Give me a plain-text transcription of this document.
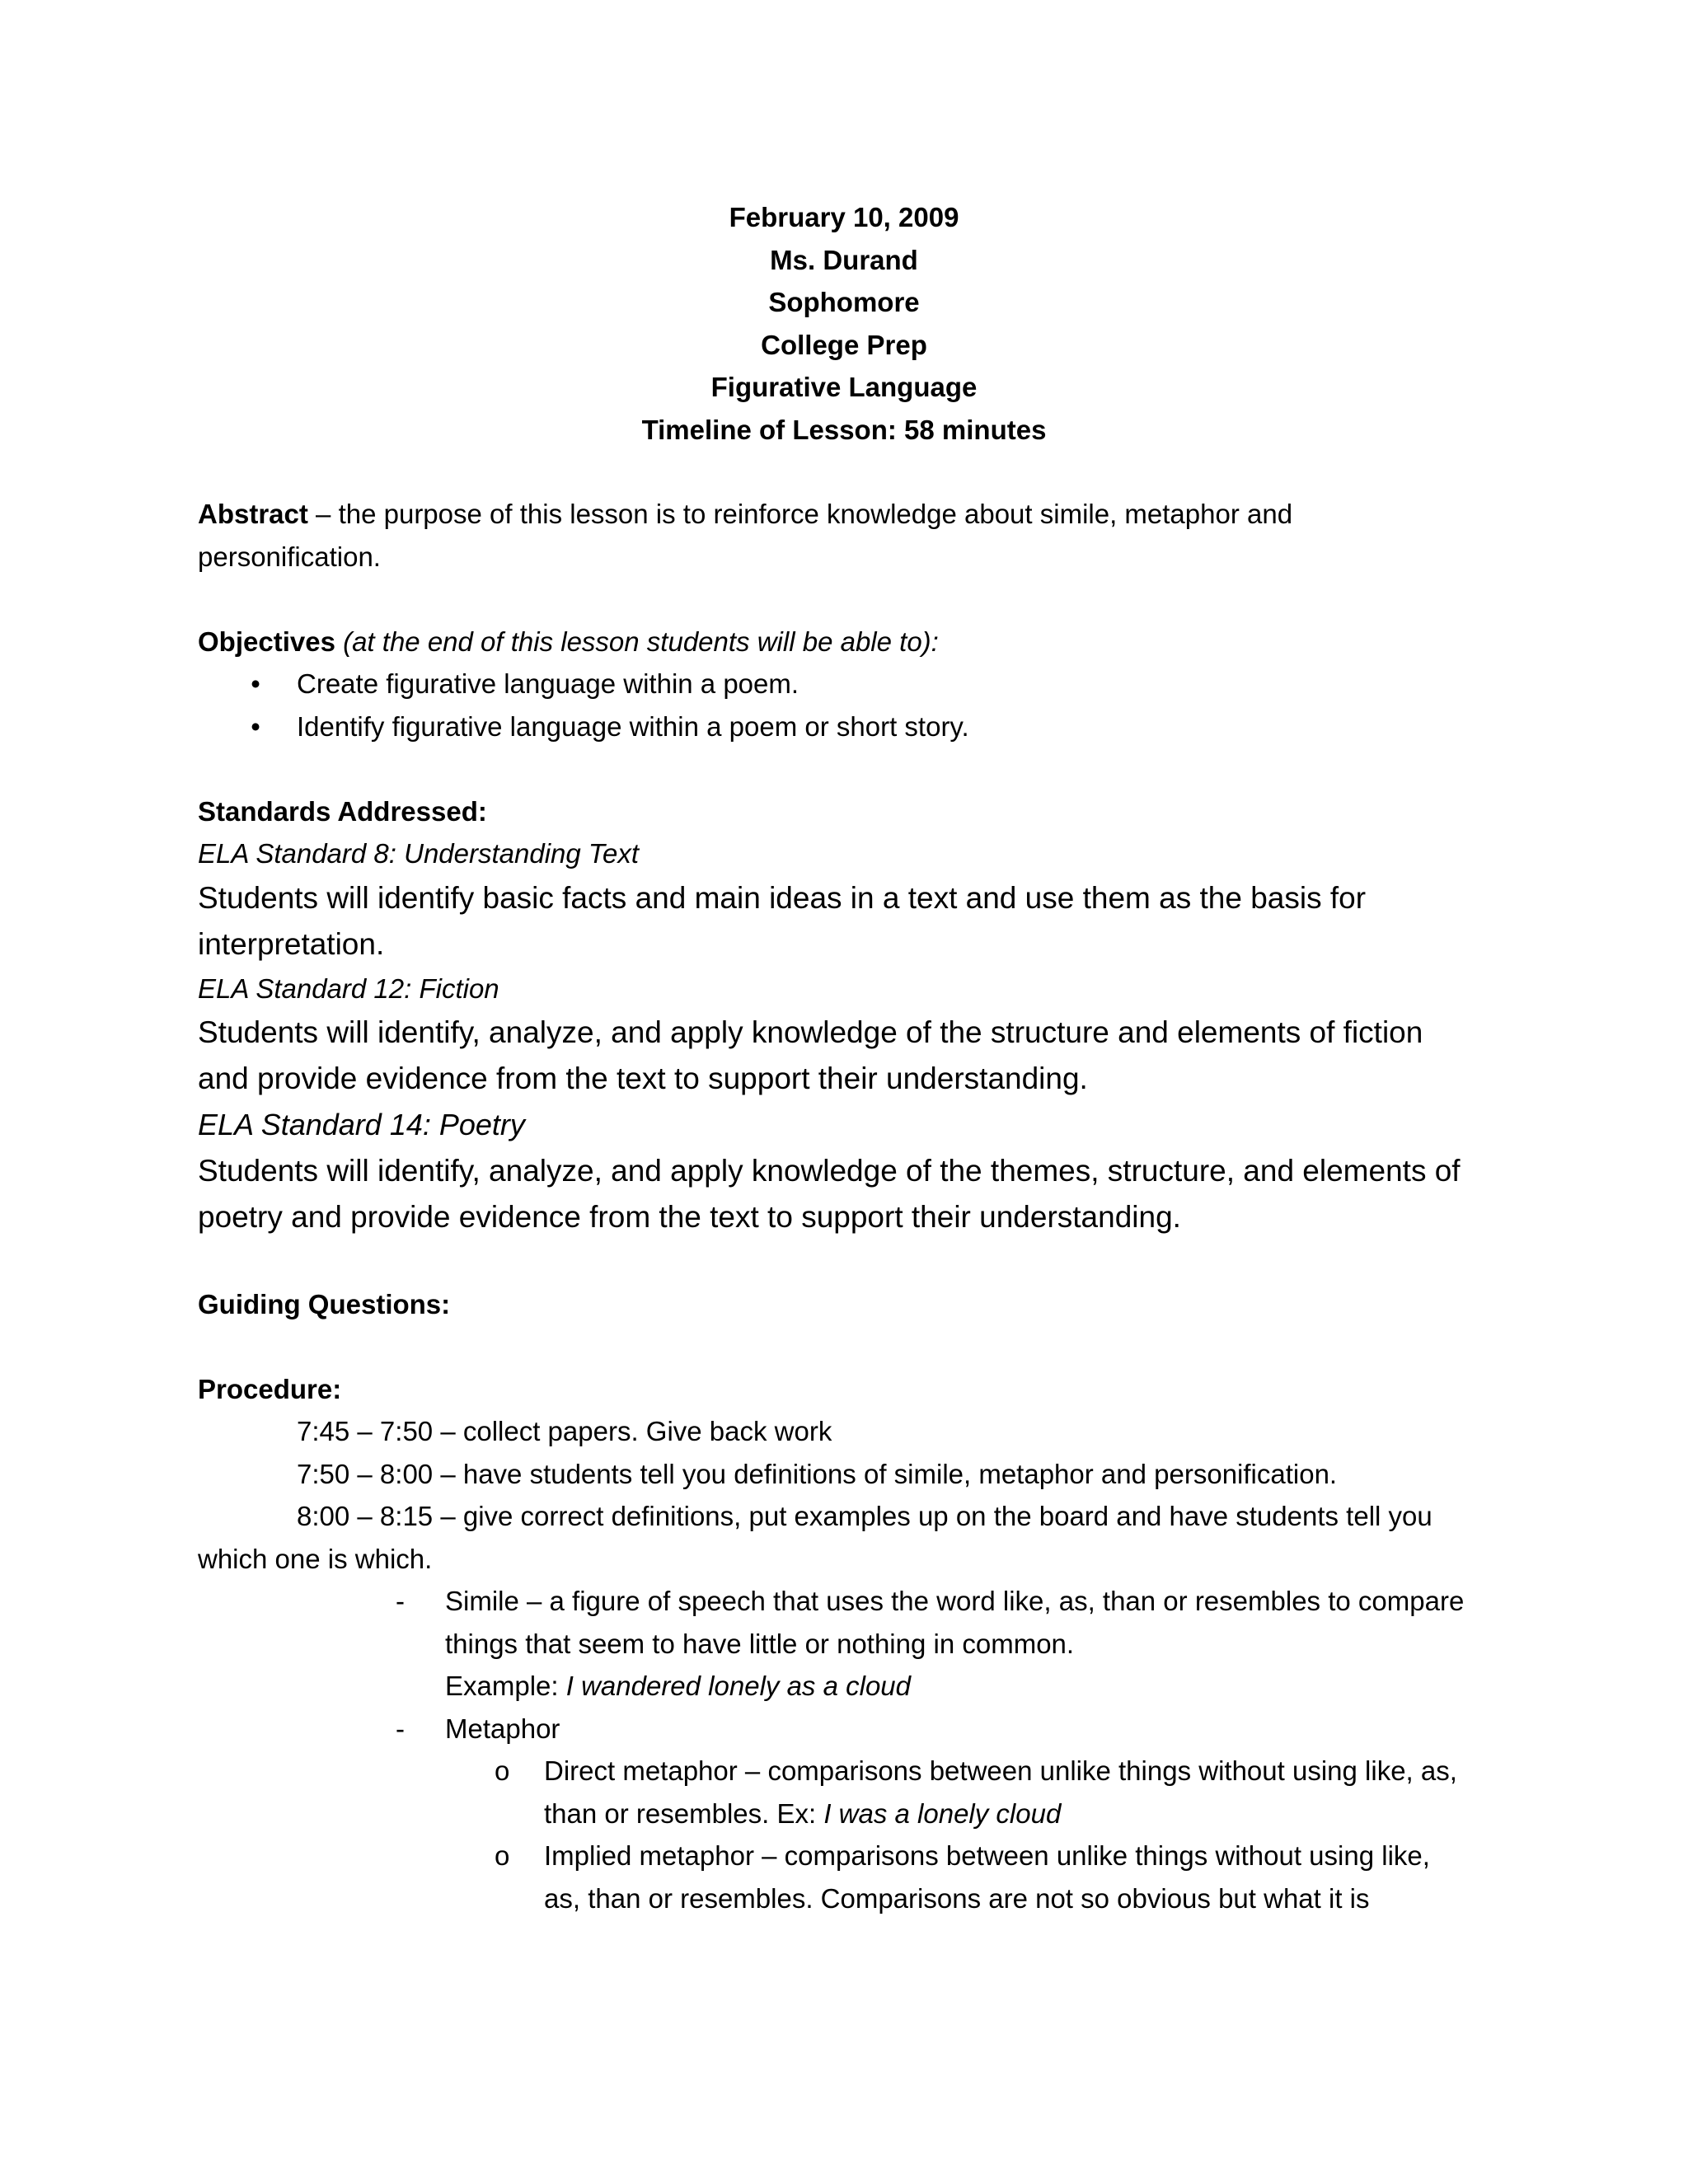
February 10, 2009
Ms. Durand
Sophomore
College Prep
Figurative Language
Timeline of Lesson: 58 minutes
Abstract – the purpose of this lesson is to reinforce knowledge about simile, metaphor and
personification.
Objectives (at the end of this lesson students will be able to):
• Create figurative language within a poem.
• Identify figurative language within a poem or short story.
Standards Addressed:
ELA Standard 8: Understanding Text
Students will identify basic facts and main ideas in a text and use them as the basis for
interpretation.
ELA Standard 12: Fiction
Students will identify, analyze, and apply knowledge of the structure and elements of fiction
and provide evidence from the text to support their understanding.
ELA Standard 14: Poetry
Students will identify, analyze, and apply knowledge of the themes, structure, and elements of
poetry and provide evidence from the text to support their understanding.
Guiding Questions:
Procedure:
7:45 – 7:50 – collect papers. Give back work
7:50 – 8:00 – have students tell you definitions of simile, metaphor and personification.
8:00 – 8:15 – give correct definitions, put examples up on the board and have students tell you
which one is which.
- Simile – a figure of speech that uses the word like, as, than or resembles to compare
things that seem to have little or nothing in common.
Example: I wandered lonely as a cloud
- Metaphor
o Direct metaphor – comparisons between unlike things without using like, as,
than or resembles. Ex: I was a lonely cloud
o Implied metaphor – comparisons between unlike things without using like,
as, than or resembles. Comparisons are not so obvious but what it is
